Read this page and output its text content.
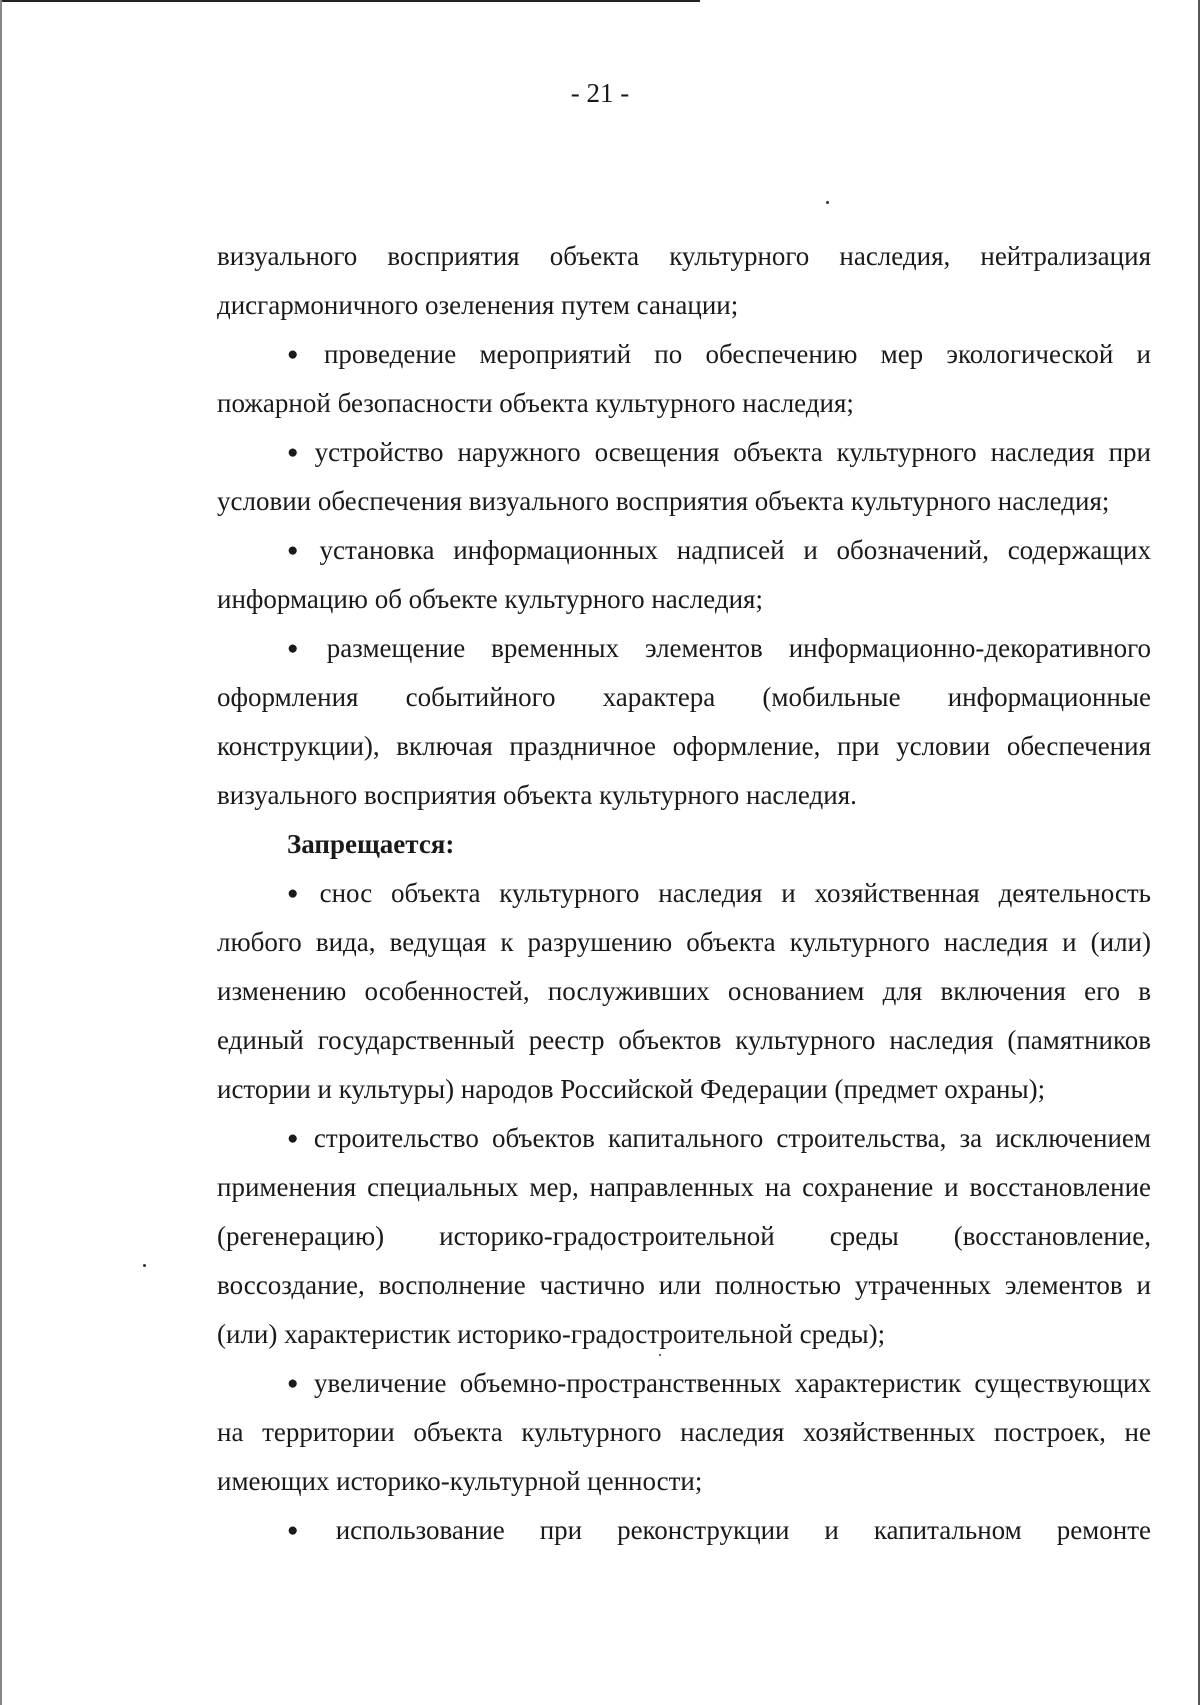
- 21 -

визуального восприятия объекта культурного наследия, нейтрализация дисгармоничного озеленения путем санации;

● проведение мероприятий по обеспечению мер экологической и пожарной безопасности объекта культурного наследия;

● устройство наружного освещения объекта культурного наследия при условии обеспечения визуального восприятия объекта культурного наследия;

● установка информационных надписей и обозначений, содержащих информацию об объекте культурного наследия;

● размещение временных элементов информационно-декоративного оформления событийного характера (мобильные информационные конструкции), включая праздничное оформление, при условии обеспечения визуального восприятия объекта культурного наследия.

Запрещается:

● снос объекта культурного наследия и хозяйственная деятельность любого вида, ведущая к разрушению объекта культурного наследия и (или) изменению особенностей, послуживших основанием для включения его в единый государственный реестр объектов культурного наследия (памятников истории и культуры) народов Российской Федерации (предмет охраны);

● строительство объектов капитального строительства, за исключением применения специальных мер, направленных на сохранение и восстановление (регенерацию) историко-градостроительной среды (восстановление, воссоздание, восполнение частично или полностью утраченных элементов и (или) характеристик историко-градостроительной среды);

● увеличение объемно-пространственных характеристик существующих на территории объекта культурного наследия хозяйственных построек, не имеющих историко-культурной ценности;

● использование при реконструкции и капитальном ремонте
